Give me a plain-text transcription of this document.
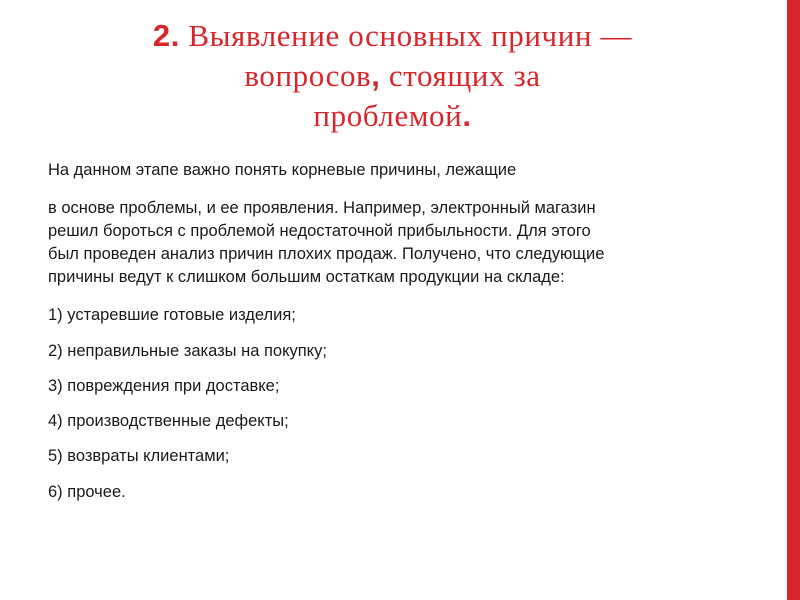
2. Выявление основных причин —
вопросов, стоящих за
проблемой.

На данном этапе важно понять корневые причины, лежащие

в основе проблемы, и ее проявления. Например, электронный магазин

решил бороться с проблемой недостаточной прибыльности. Для этого

был проведен анализ причин плохих продаж. Получено, что следующие

причины ведут к слишком большим остаткам продукции на складе:

1) устаревшие готовые изделия;

2) неправильные заказы на покупку;

3) повреждения при доставке;

4) производственные дефекты;

5) возвраты клиентами;

6) прочее.
